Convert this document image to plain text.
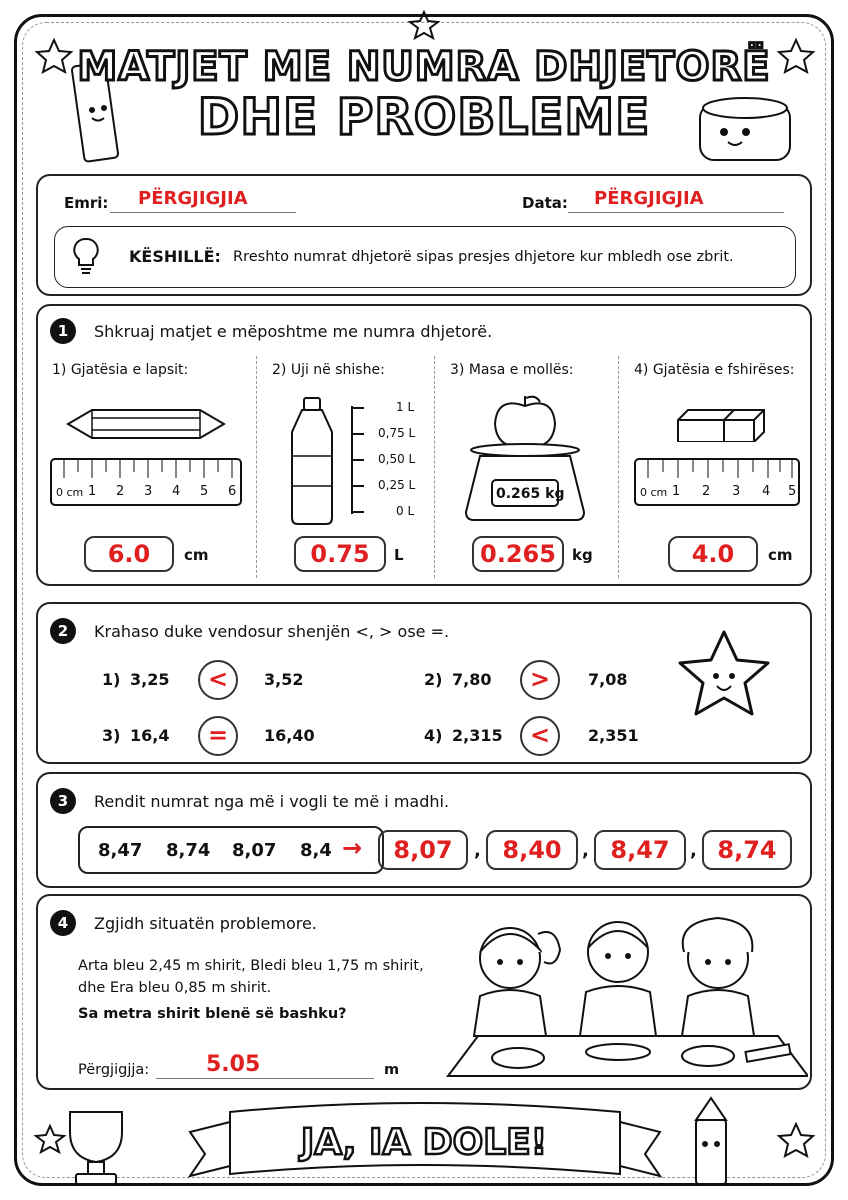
MATJET ME NUMRA DHJETORË
DHE PROBLEME
Emri: PËRGJIGJIA	Data: PËRGJIGJIA
KËSHILLË: Rreshto numrat dhjetorë sipas presjes dhjetore kur mbledh ose zbrit.
1	Shkruaj matjet e mëposhtme me numra dhjetorë.
1) Gjatësia e lapsit:	2) Uji në shishe:	3) Masa e mollës:	4) Gjatësia e fshirëses:
0 cm 1 2 3 4 5 6
1 L
0,75 L
0,50 L
0,25 L
0 L
0.265 kg	0 cm 1 2 3 4 5
6.0	cm	0.75	L	0.265	kg	4.0	cm
2	Krahaso duke vendosur shenjën <, > ose =.
1) 3,25	<	3,52	2) 7,80	>	7,08
3) 16,4	=	16,40	4) 2,315	<	2,351
3	Rendit numrat nga më i vogli te më i madhi.
8,47 8,74 8,07 8,4 →	8,07	, 8,40	, 8,47	, 8,74
4	Zgjidh situatën problemore.
Arta bleu 2,45 m shirit, Bledi bleu 1,75 m shirit,
dhe Era bleu 0,85 m shirit.
Sa metra shirit blenë së bashku?
Përgjigjja:	5.05	m
JA, IA DOLE!
